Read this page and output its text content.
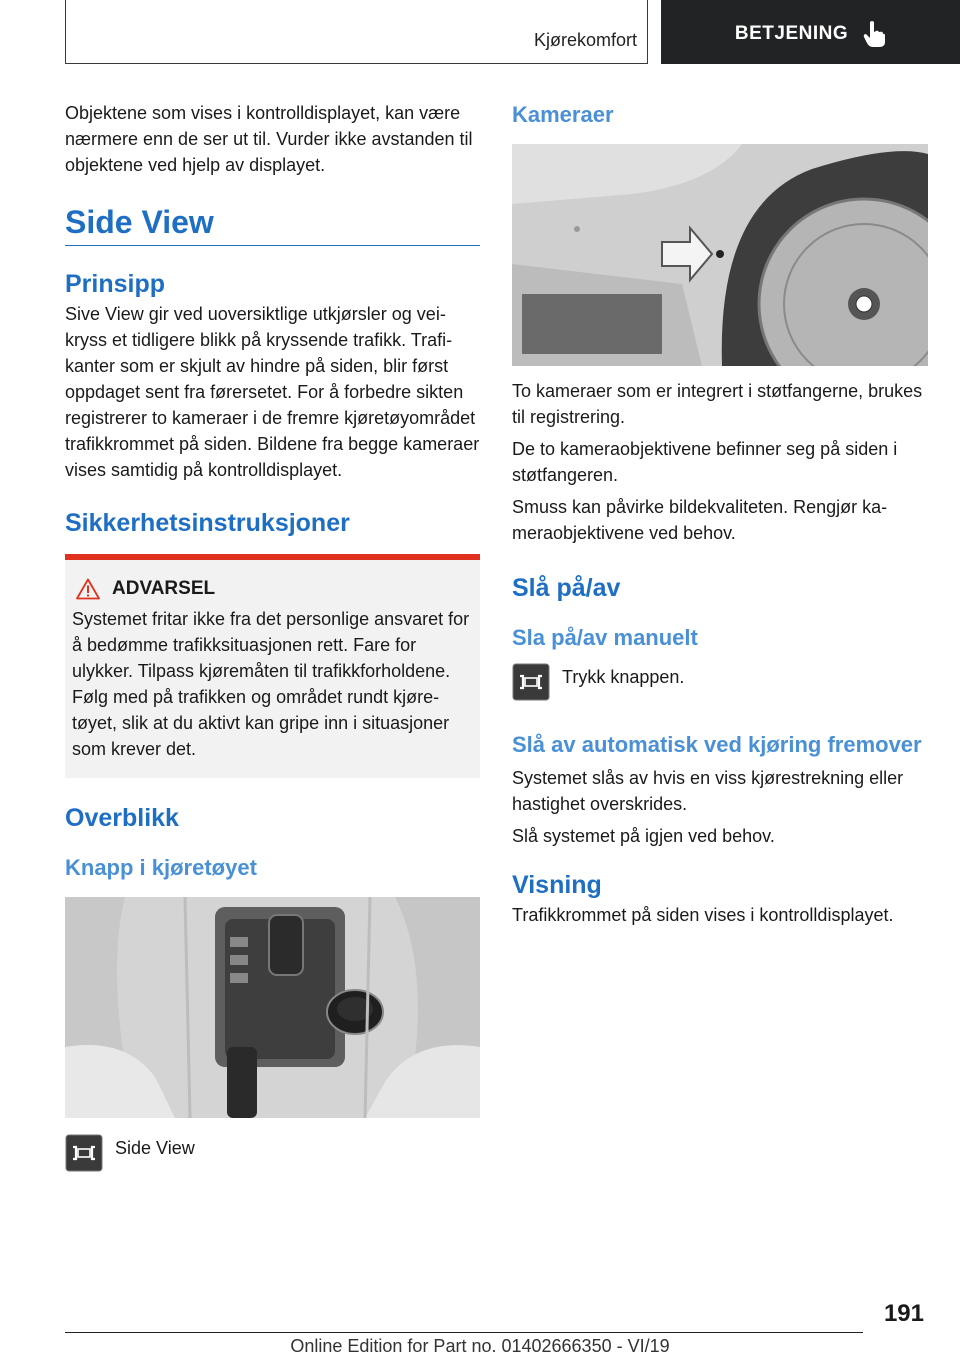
Kjørekomfort	BETJENING

Objektene som vises i kontrolldisplayet, kan være nærmere enn de ser ut til. Vurder ikke avstanden til objektene ved hjelp av displayet.

Side View
Prinsipp

Sive View gir ved uoversiktlige utkjørsler og veikryss et tidligere blikk på kryssende trafikk. Trafikanter som er skjult av hindre på siden, blir først oppdaget sent fra førersetet. For å forbedre sikten registrerer to kameraer i de fremre kjøretøyområdet trafikkrommet på siden. Bildene fra begge kameraer vises samtidig på kontrolldisplayet.

Sikkerhetsinstruksjoner
ADVARSEL

Systemet fritar ikke fra det personlige ansvaret for å bedømme trafikksituasjonen rett. Fare for ulykker. Tilpass kjøremåten til trafikkforholdene. Følg med på trafikken og området rundt kjøretøyet, slik at du aktivt kan gripe inn i situasjoner som krever det.

Overblikk
Knapp i kjøretøyet
Side View
Kameraer

To kameraer som er integrert i støtfangerne, brukes til registrering.

De to kameraobjektivene befinner seg på siden i støtfangeren.

Smuss kan påvirke bildekvaliteten. Rengjør kameraobjektivene ved behov.

Slå på/av
Sla på/av manuelt
Trykk knappen.
Slå av automatisk ved kjøring fremover

Systemet slås av hvis en viss kjørestrekning eller hastighet overskrides.

Slå systemet på igjen ved behov.

Visning

Trafikkrommet på siden vises i kontrolldisplayet.

191
Online Edition for Part no. 01402666350 - VI/19
